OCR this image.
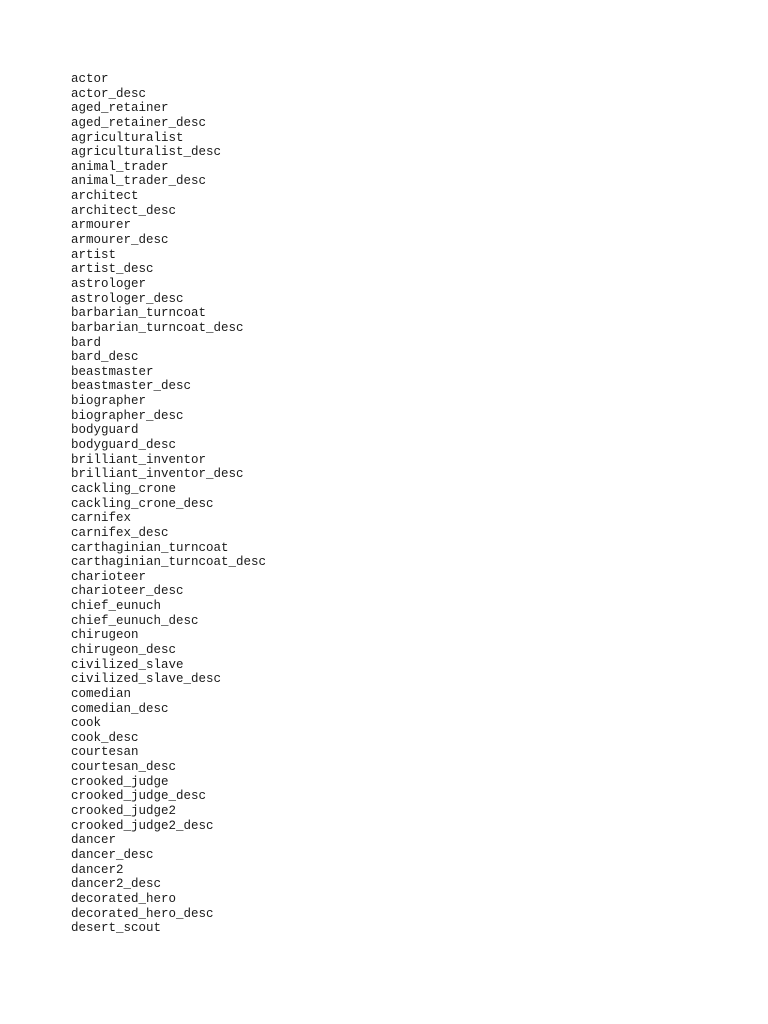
actor
actor_desc
aged_retainer
aged_retainer_desc
agriculturalist
agriculturalist_desc
animal_trader
animal_trader_desc
architect
architect_desc
armourer
armourer_desc
artist
artist_desc
astrologer
astrologer_desc
barbarian_turncoat
barbarian_turncoat_desc
bard
bard_desc
beastmaster
beastmaster_desc
biographer
biographer_desc
bodyguard
bodyguard_desc
brilliant_inventor
brilliant_inventor_desc
cackling_crone
cackling_crone_desc
carnifex
carnifex_desc
carthaginian_turncoat
carthaginian_turncoat_desc
charioteer
charioteer_desc
chief_eunuch
chief_eunuch_desc
chirugeon
chirugeon_desc
civilized_slave
civilized_slave_desc
comedian
comedian_desc
cook
cook_desc
courtesan
courtesan_desc
crooked_judge
crooked_judge_desc
crooked_judge2
crooked_judge2_desc
dancer
dancer_desc
dancer2
dancer2_desc
decorated_hero
decorated_hero_desc
desert_scout
